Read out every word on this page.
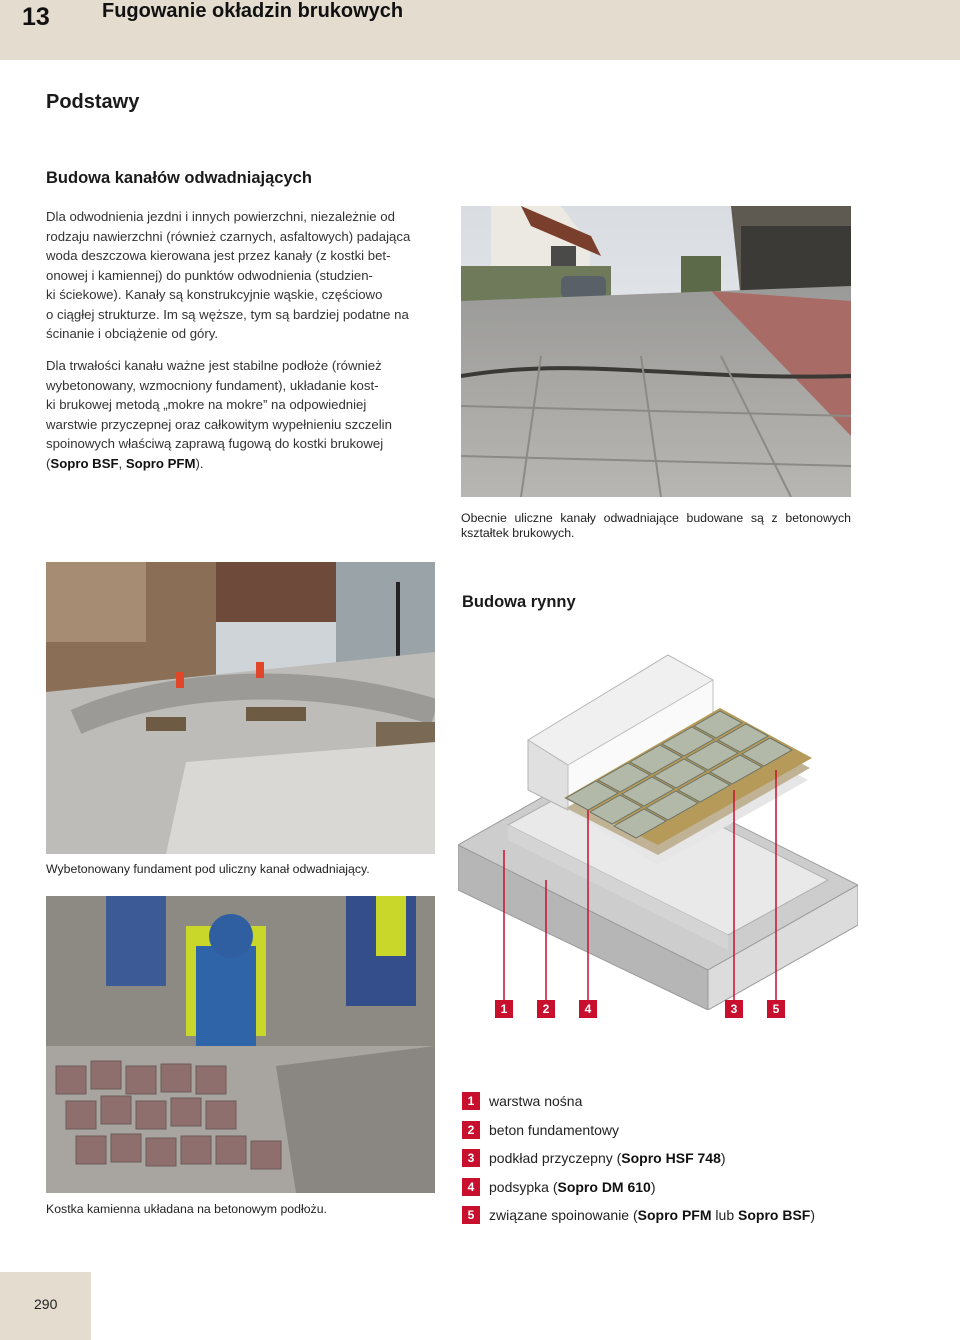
13	Fugowanie okładzin brukowych
Podstawy
Budowa kanałów odwadniających
Dla odwodnienia jezdni i innych powierzchni, niezależnie od
rodzaju nawierzchni (również czarnych, asfaltowych) padająca
woda deszczowa kierowana jest przez kanały (z kostki bet-
onowej i kamiennej) do punktów odwodnienia (studzien-
ki ściekowe). Kanały są konstrukcyjnie wąskie, częściowo
o ciągłej strukturze. Im są węższe, tym są bardziej podatne na
ścinanie i obciążenie od góry.
Dla trwałości kanału ważne jest stabilne podłoże (również
wybetonowany, wzmocniony fundament), układanie kost-
ki brukowej metodą „mokre na mokre” na odpowiedniej
warstwie przyczepnej oraz całkowitym wypełnieniu szczelin
spoinowych właściwą zaprawą fugową do kostki brukowej
(Sopro BSF, Sopro PFM).
Obecnie uliczne kanały odwadniające budowane są z betonowych kształtek brukowych.
Wybetonowany fundament pod uliczny kanał odwadniający.
Kostka kamienna układana na betonowym podłożu.
Budowa rynny
1	2	4	3	5
1	warstwa nośna
2	beton fundamentowy
3	podkład przyczepny ( Sopro HSF 748 )
4	podsypka ( Sopro DM 610 )
5	związane spoinowanie ( Sopro PFM lub Sopro BSF )
290
